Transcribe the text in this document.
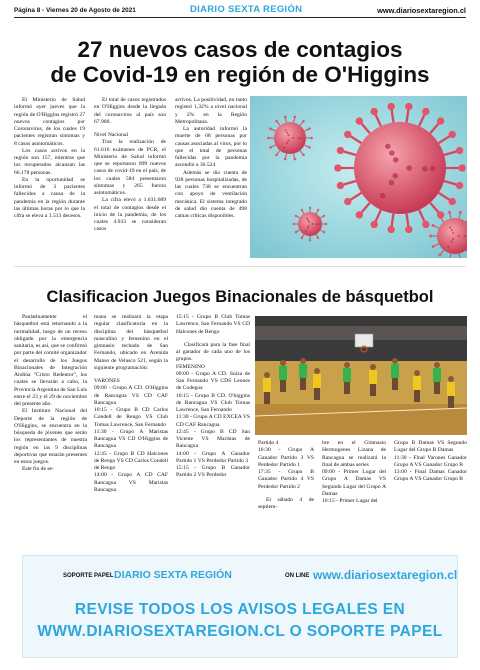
Página 8 - Viernes 20 de Agosto de 2021	DIARIO SEXTA REGIÓN	www.diariosextaregion.cl
27 nuevos casos de contagios
de Covid-19 en región de O'Higgins

El Ministerio de Salud informó ayer jueves que la región de O'Higgins registró 27 nuevos contagios por Coronavirus, de los cuales 19 pacientes registran síntomas y 8 casos asintomáticos.

Los casos activos en la región son 157, mientras que los recuperados alcanzan las 66.178 personas.

En la oportunidad se informó de 3 pacientes fallecidos a causa de la pandemia en la región durante las últimas horas por lo que la cifra se eleva a 1.513 decesos.

El total de casos registrados en O'Higgins desde la llegada del coronavirus al país son 67.900.

Nivel Nacional

Tras la realización de 61.616 exámenes de PCR, el Ministerio de Salud informó que se reportaron 899 nuevos casos de covid-19 en el país, de los cuales 584 presentaron síntomas y 265 fueron asintomáticos.

La cifra elevó a 1.631.689 el total de contagios desde el inicio de la pandemia, de los cuales 4.933 se consideran casos

activos. La positividad, en tanto registró 1,32% a nivel nacional y 2% en la Región Metropolitana.

La autoridad informó la muerte de 68 personas por causas asociadas al virus, por lo que el total de personas fallecidas por la pandemia ascendió a 36.524.

Además se dio cuenta de 938 personas hospitalizadas, de las cuales 730 se encuentran con apoyo de ventilación mecánica. El sistema integrado de salud dio cuenta de 498 camas críticas disponibles.

Clasificacion Juegos Binacionales de básquetbol

Paulatinamente el básquetbol está retornando a la normalidad, luego de un receso obligado por la emergencia sanitaria, es así, que se confirmó por parte del comité organizador el desarrollo de los Juegos Binacionales de Integración Andina "Cristo Redentor", los cuales se llevarán a cabo, la Provincia Argentina de San Luis entre el 23 y el 29 de noviembre del presente año.

El Instituto Nacional del Deporte de la región de O'Higgins, se encuentra en la búsqueda de jóvenes que serán los representantes de nuestra región en las 9 disciplinas deportivas que estarán presentes en estos juegos.

Este fin de se-

mana se realizará la etapa regular clasificatoria en la disciplina del básquetbol masculino y femenino en el gimnasio techado de San Fernando, ubicado en Avenida Manso de Velasco 521, según la siguiente programación:

VARONES

09:00 - Grupo A CD. O'Higgins de Rancagua VS CD CAF Rancagua

10:15 - Grupo B CD Carlos Condell de Rengo VS Club Tomas Lawrence, San Fernando

11:30 - Grupo A Maristas Rancagua VS CD O'Higgins de Rancagua

12:45 - Grupo B CD Halcones de Rengo VS CD Carlos Condell de Rengo

14:00 - Grupo A CD CAF Rancagua VS Maristas Rancagua

15:15 - Grupo B Club Tomas Lawrence, San Fernando VS CD Halcones de Rengo

Clasificará para la fase final al ganador de cada uno de los grupos.

FEMENINO

09:00 - Grupo A CD. Suiza de San Fernando VS CDS Leones de Codegua

10:15 - Grupo B CD. O'higgins de Rancagua VS Club Tomas Lawrence, San Fernando

11:30 - Grupo A CD EXCEA VS CD CAF Rancagua

12:45 - Grupo B CD San Vicente VS Maristas de Rancagua

14:00 - Grupo A Ganador Partido 1 VS Perdedor Partido 3

15:15 - Grupo B Ganador Partido 2 VS Perdedor

Partido 4

16:30 - Grupo A Ganador Partido 3 VS Perdedor Partido 1

17:35 - Grupo B Ganador Partido 4 VS Perdedor Partido 2

El sábado 4 de septiem-

bre en el Gimnasio Hermogenes Lizana de Rancagua se realizará la final de ambas series

09:00 - Primer Lugar del Grupo A Damas VS Segundo Lugar del Grupo A Damas

10:15 - Primer Lugar del

Grupo B Damas VS Segundo Lugar del Grupo B Damas

11:30 - Final Varones Ganador Grupo A VS Ganador Grupo B

13:00 - Final Damas Ganador Grupo A VS Ganador Grupo B

SOPORTE PAPEL DIARIO SEXTA REGIÓN	ON LINE www.diariosextaregion.cl
REVISE TODOS LOS AVISOS LEGALES EN
WWW.DIARIOSEXTAREGION.CL O SOPORTE PAPEL
